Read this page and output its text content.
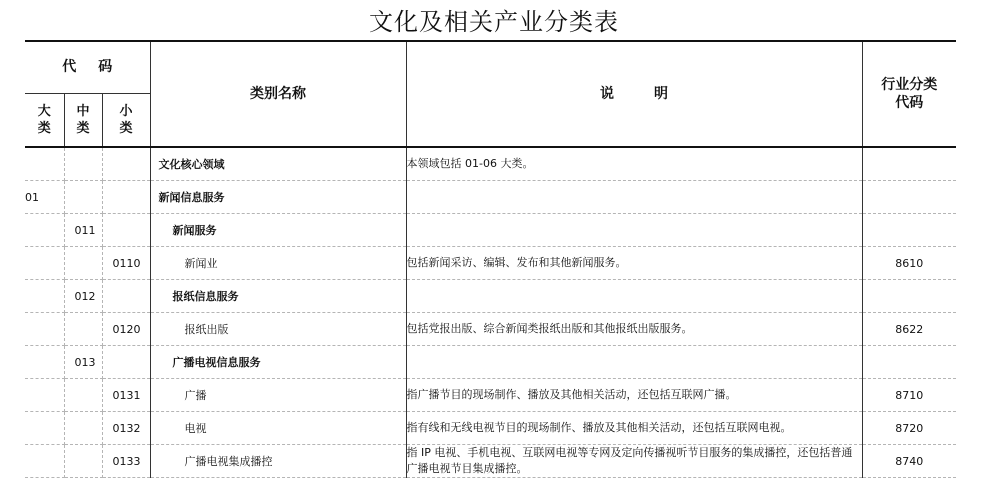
文化及相关产业分类表
代码			类别名称	说明	行业分类代码

大类	中类	小类			

			文化核心领域	本领域包括 01-06 大类。	
01			新闻信息服务		
	011		新闻服务		
		0110	新闻业	包括新闻采访、编辑、发布和其他新闻服务。	8610
	012		报纸信息服务		
		0120	报纸出版	包括党报出版、综合新闻类报纸出版和其他报纸出版服务。	8622
	013		广播电视信息服务		
		0131	广播	指广播节目的现场制作、播放及其他相关活动，还包括互联网广播。	8710
		0132	电视	指有线和无线电视节目的现场制作、播放及其他相关活动，还包括互联网电视。	8720
		0133	广播电视集成播控	指 IP 电视、手机电视、互联网电视等专网及定向传播视听节目服务的集成播控，还包括普通广播电视节目集成播控。	8740
